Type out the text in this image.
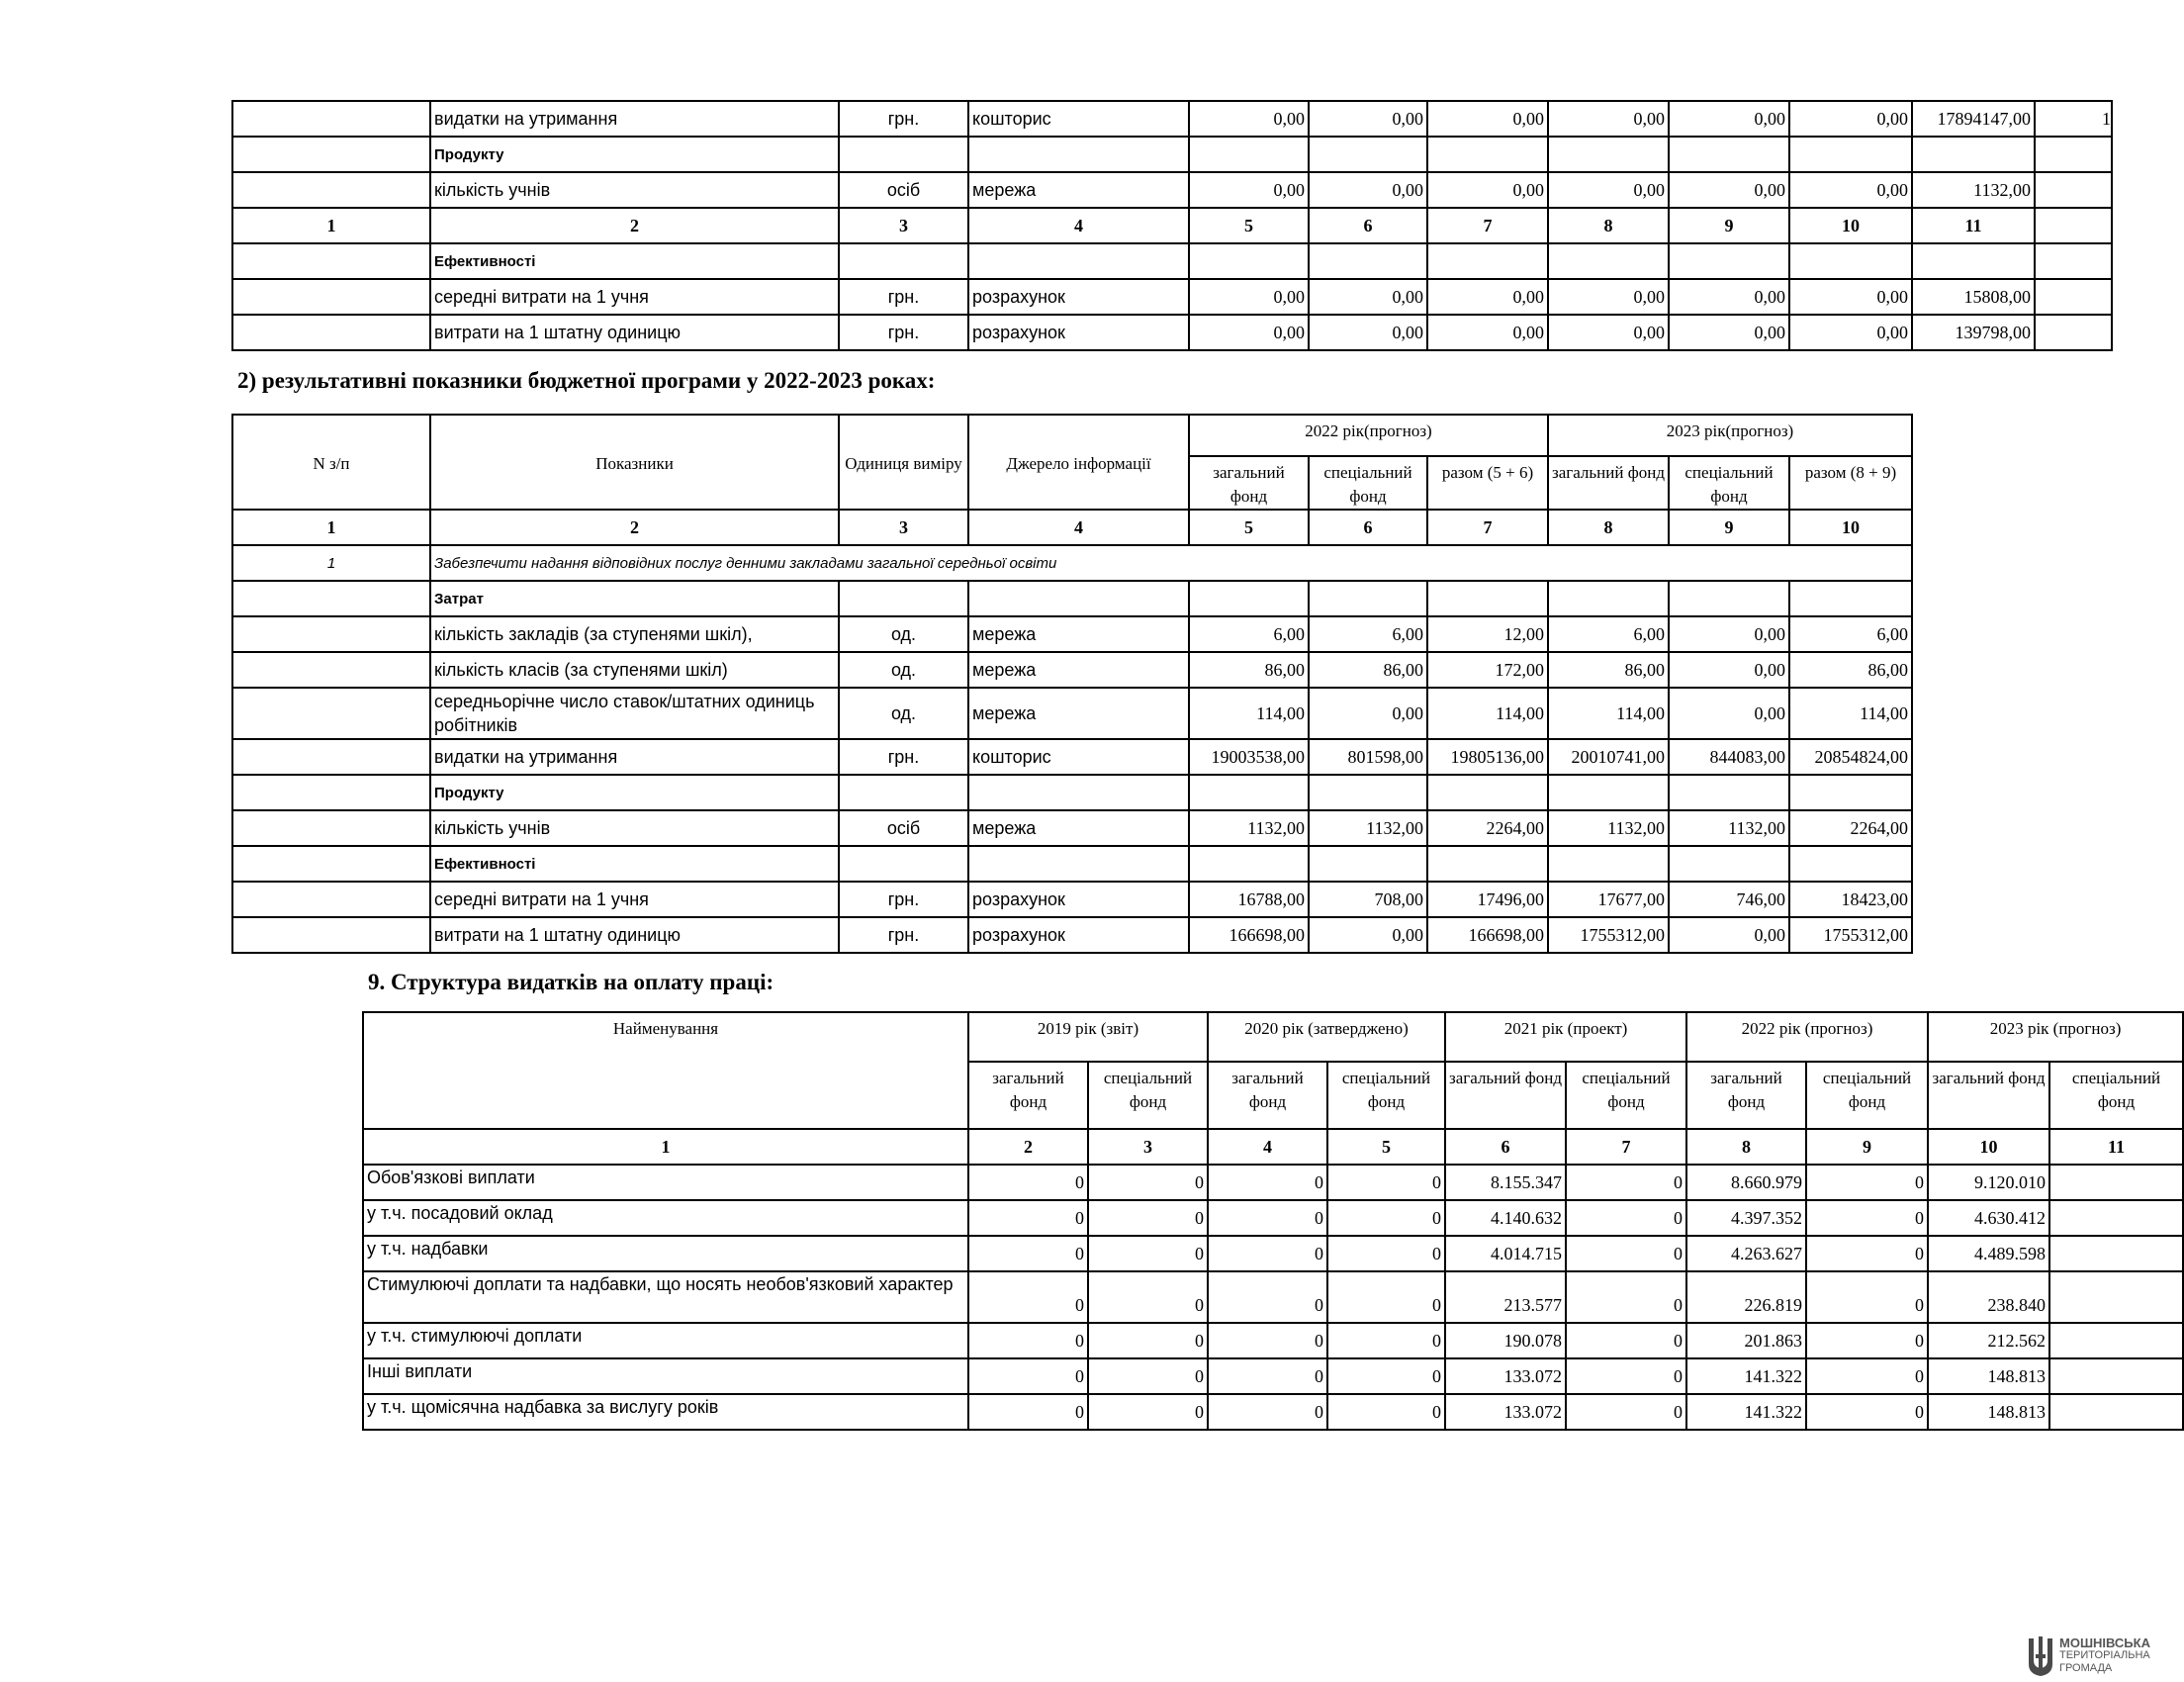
	видатки на утримання	грн.	кошторис	0,00	0,00	0,00	0,00	0,00	0,00	17894147,00	1
	Продукту										
	кількість учнів	осіб	мережа	0,00	0,00	0,00	0,00	0,00	0,00	1132,00	
1	2	3	4	5	6	7	8	9	10	11	
	Ефективності										
	середні витрати на 1 учня	грн.	розрахунок	0,00	0,00	0,00	0,00	0,00	0,00	15808,00	
	витрати на 1 штатну одиницю	грн.	розрахунок	0,00	0,00	0,00	0,00	0,00	0,00	139798,00	
2) результативні показники бюджетної програми у 2022-2023 роках:
N з/п	Показники	Одиниця виміру	Джерело інформації	2022 рік(прогноз)			2023 рік(прогноз)		
				загальний фонд	спеціальний фонд	разом (5 + 6)	загальний фонд	спеціальний фонд	разом (8 + 9)
1	2	3	4	5	6	7	8	9	10
1	Забезпечити надання відповідних послуг денними закладами загальної середньої освіти								
	Затрат								
	кількість закладів (за ступенями шкіл),	од.	мережа	6,00	6,00	12,00	6,00	0,00	6,00
	кількість класів (за ступенями шкіл)	од.	мережа	86,00	86,00	172,00	86,00	0,00	86,00
	середньорічне число ставок/штатних одиниць робітників	од.	мережа	114,00	0,00	114,00	114,00	0,00	114,00
	видатки на утримання	грн.	кошторис	19003538,00	801598,00	19805136,00	20010741,00	844083,00	20854824,00
	Продукту								
	кількість учнів	осіб	мережа	1132,00	1132,00	2264,00	1132,00	1132,00	2264,00
	Ефективності								
	середні витрати на 1 учня	грн.	розрахунок	16788,00	708,00	17496,00	17677,00	746,00	18423,00
	витрати на 1 штатну одиницю	грн.	розрахунок	166698,00	0,00	166698,00	1755312,00	0,00	1755312,00
9. Структура видатків на оплату праці:
Найменування	2019 рік (звіт)		2020 рік (затверджено)		2021 рік (проект)		2022 рік (прогноз)		2023 рік (прогноз)	
	загальний фонд	спеціальний фонд	загальний фонд	спеціальний фонд	загальний фонд	спеціальний фонд	загальний фонд	спеціальний фонд	загальний фонд	спеціальний фонд
1	2	3	4	5	6	7	8	9	10	11
Обов'язкові виплати	0	0	0	0	8.155.347	0	8.660.979	0	9.120.010	
у т.ч. посадовий оклад	0	0	0	0	4.140.632	0	4.397.352	0	4.630.412	
у т.ч. надбавки	0	0	0	0	4.014.715	0	4.263.627	0	4.489.598	
Стимулюючі доплати та надбавки, що носять необов'язковий характер	0	0	0	0	213.577	0	226.819	0	238.840	
у т.ч. стимулюючі доплати	0	0	0	0	190.078	0	201.863	0	212.562	
Інші виплати	0	0	0	0	133.072	0	141.322	0	148.813	
у т.ч. щомісячна надбавка за вислугу років	0	0	0	0	133.072	0	141.322	0	148.813	
МОШНІВСЬКА
ТЕРИТОРІАЛЬНА
ГРОМАДА
